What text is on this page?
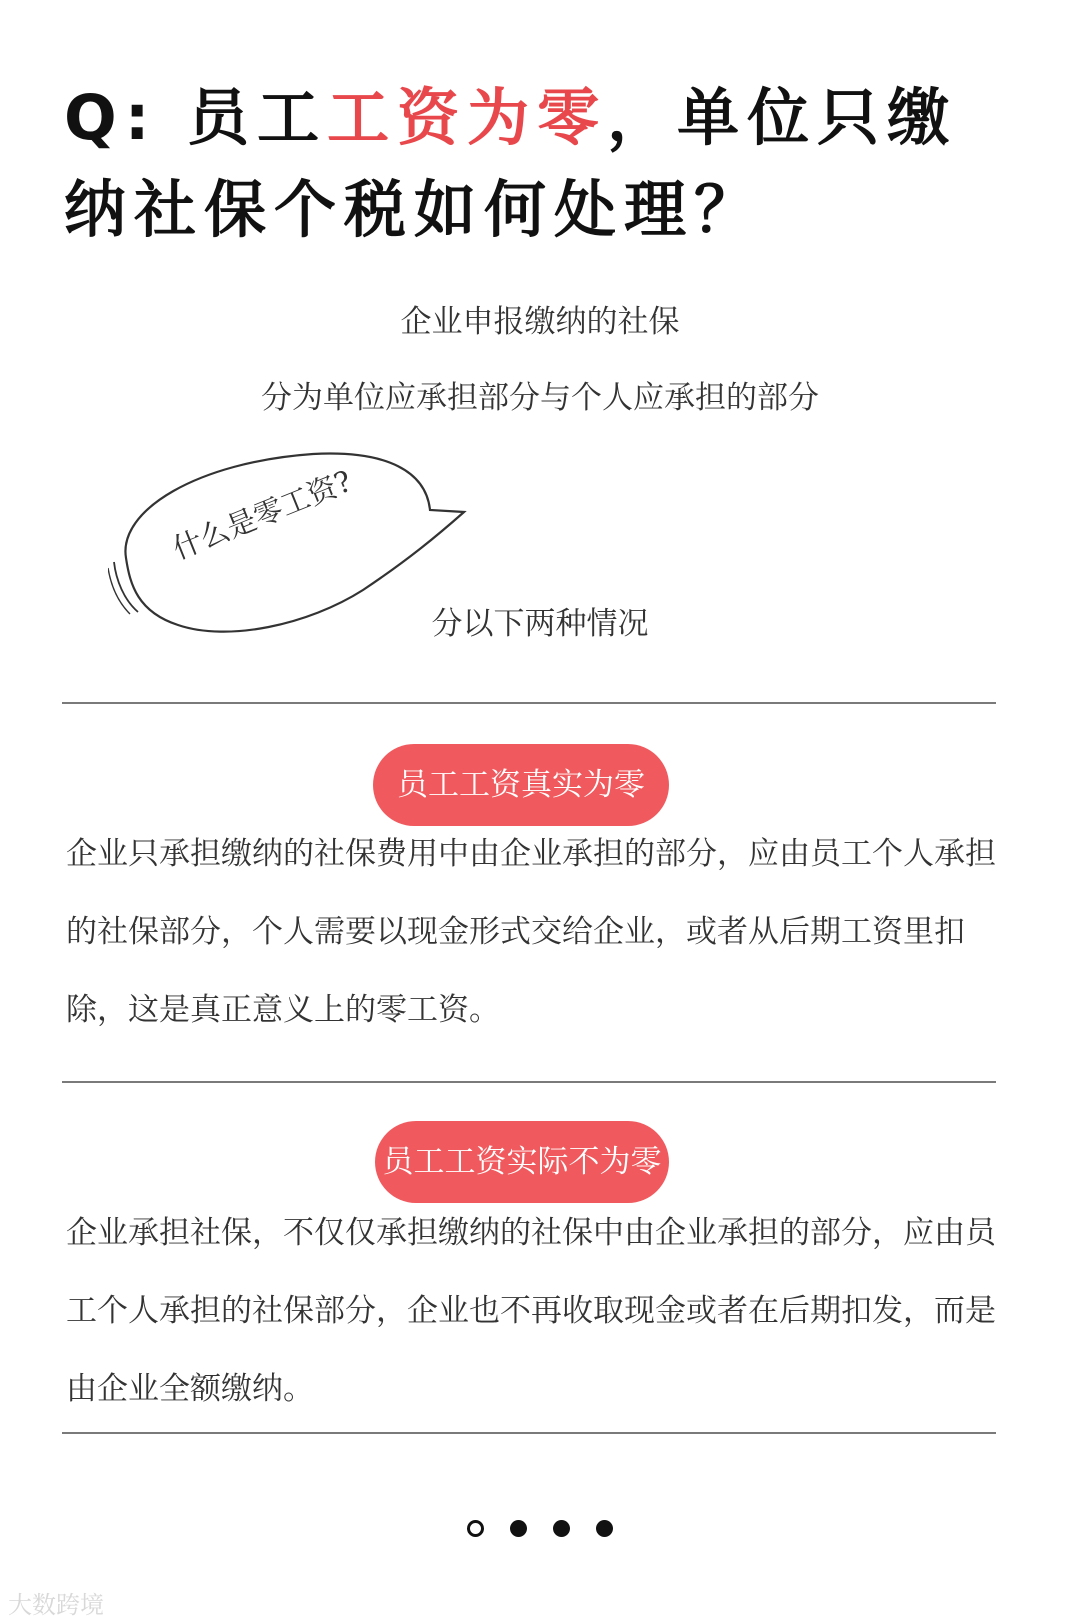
Q: 员工工资为零，单位只缴纳社保个税如何处理？
企业申报缴纳的社保
分为单位应承担部分与个人应承担的部分
什么是零工资?
分以下两种情况
员工工资真实为零
企业只承担缴纳的社保费用中由企业承担的部分，应由员工个人承担的社保部分，个人需要以现金形式交给企业，或者从后期工资里扣除，这是真正意义上的零工资。
员工工资实际不为零
企业承担社保，不仅仅承担缴纳的社保中由企业承担的部分，应由员工个人承担的社保部分，企业也不再收取现金或者在后期扣发，而是由企业全额缴纳。
大数跨境
